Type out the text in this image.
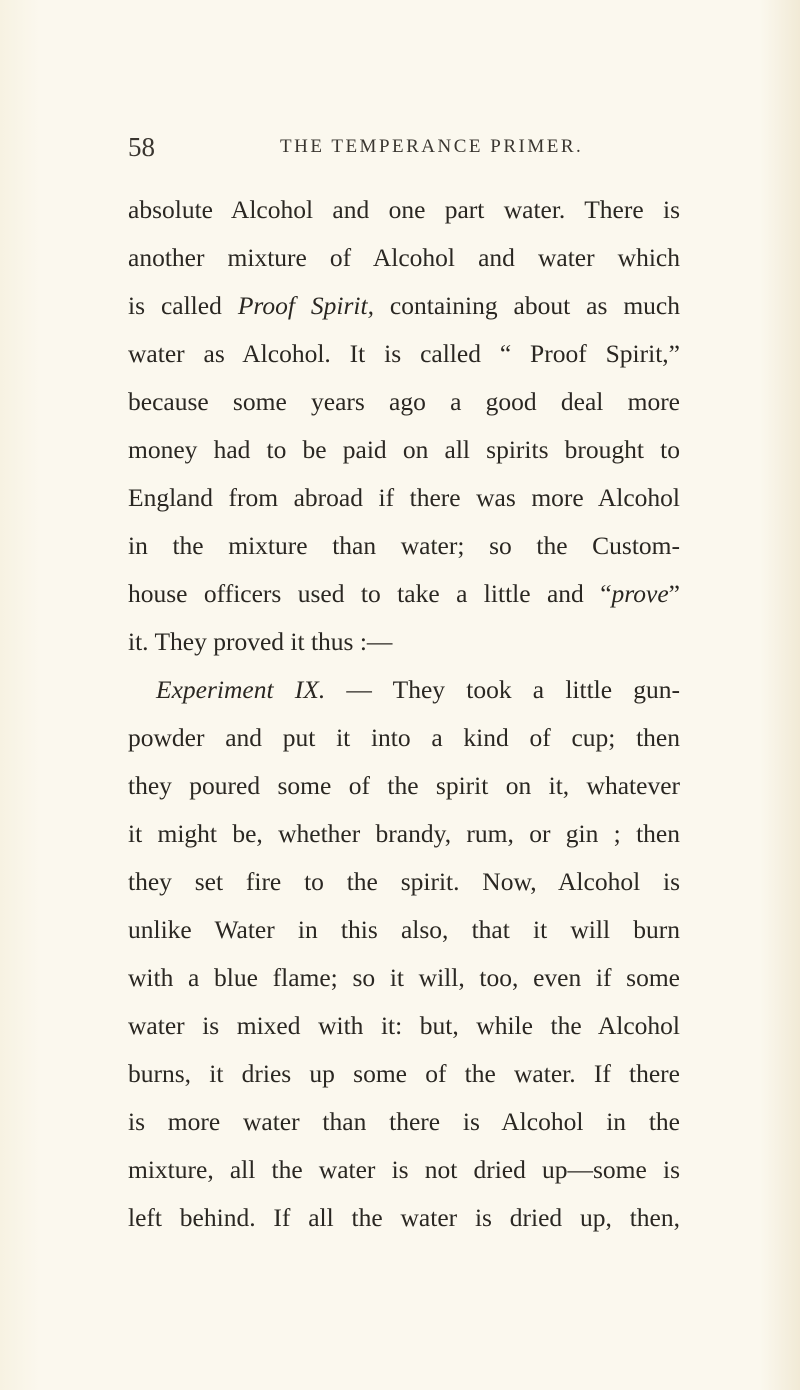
58	THE TEMPERANCE PRIMER.
absolute Alcohol and one part water. There is
another mixture of Alcohol and water which
is called Proof Spirit, containing about as much
water as Alcohol. It is called “ Proof Spirit,”
because some years ago a good deal more
money had to be paid on all spirits brought to
England from abroad if there was more Alcohol
in the mixture than water; so the Custom-
house officers used to take a little and “prove”
it. They proved it thus :—
Experiment IX. — They took a little gun-
powder and put it into a kind of cup; then
they poured some of the spirit on it, whatever
it might be, whether brandy, rum, or gin ; then
they set fire to the spirit. Now, Alcohol is
unlike Water in this also, that it will burn
with a blue flame; so it will, too, even if some
water is mixed with it: but, while the Alcohol
burns, it dries up some of the water. If there
is more water than there is Alcohol in the
mixture, all the water is not dried up—some is
left behind. If all the water is dried up, then,
